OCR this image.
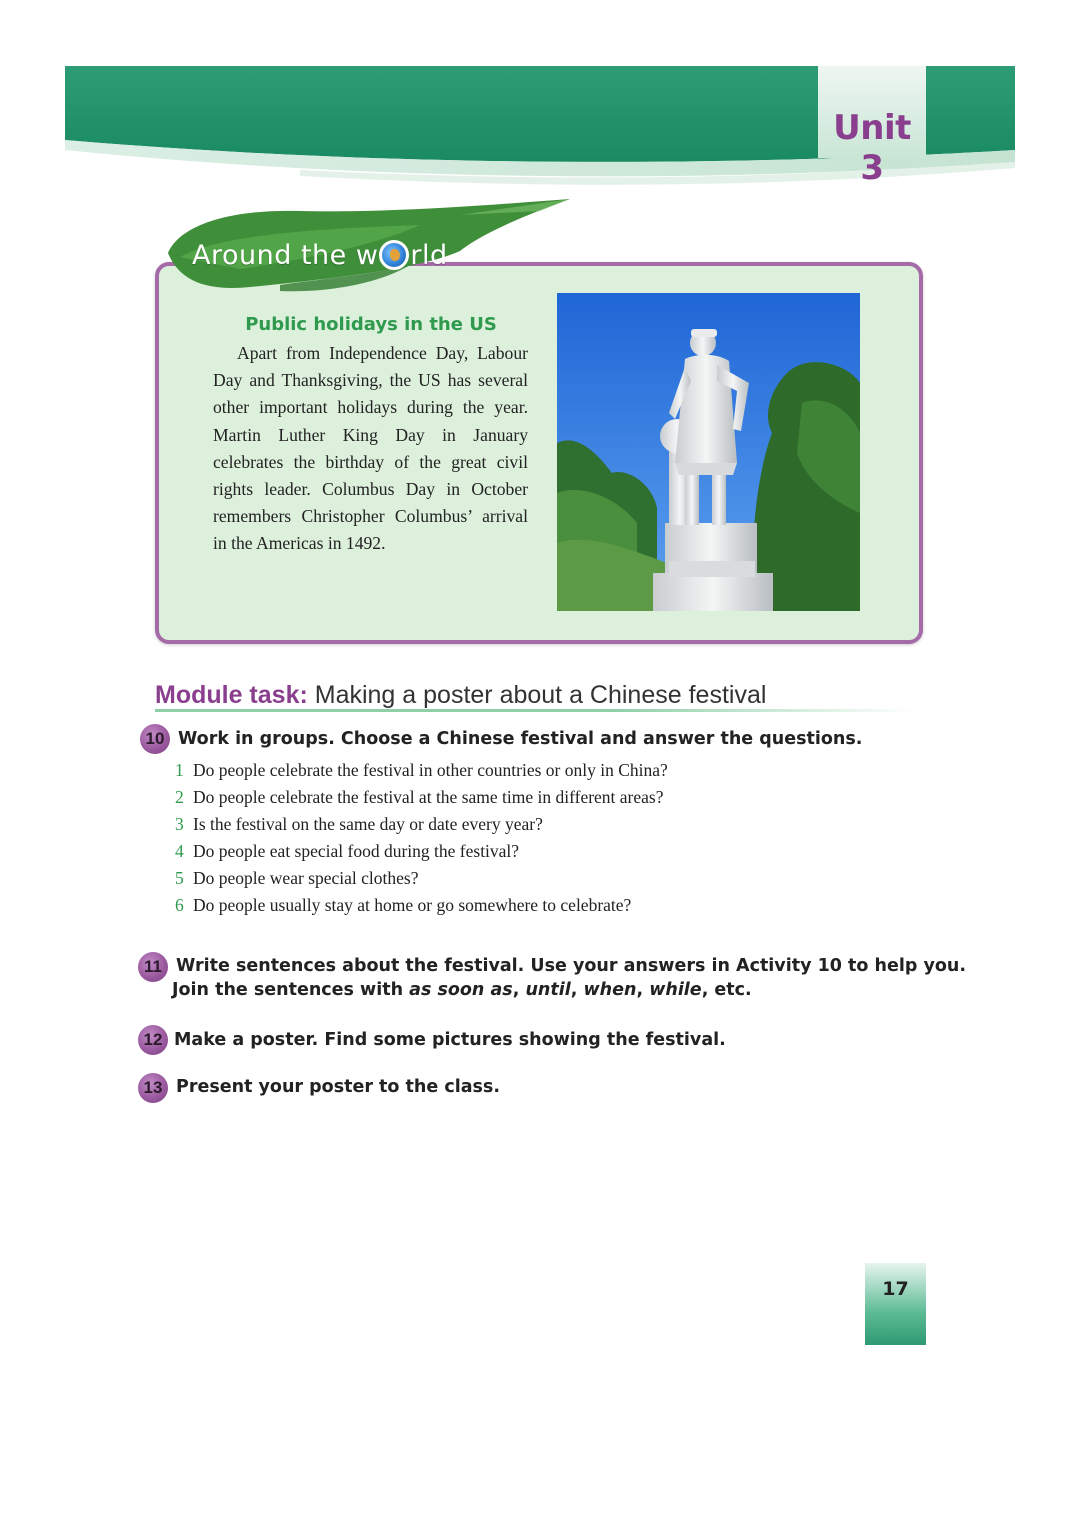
Unit 3
Around the w rld
Public holidays in the US
Apart from Independence Day, Labour Day and Thanksgiving, the US has several other important holidays during the year. Martin Luther King Day in January celebrates the birthday of the great civil rights leader. Columbus Day in October remembers Christopher Columbus’ arrival in the Americas in 1492.
Module task: Making a poster about a Chinese festival
10 Work in groups. Choose a Chinese festival and answer the questions.
1 Do people celebrate the festival in other countries or only in China?
2 Do people celebrate the festival at the same time in different areas?
3 Is the festival on the same day or date every year?
4 Do people eat special food during the festival?
5 Do people wear special clothes?
6 Do people usually stay at home or go somewhere to celebrate?
11 Write sentences about the festival. Use your answers in Activity 10 to help you.
Join the sentences with as soon as, until, when, while, etc.
12 Make a poster. Find some pictures showing the festival.
13 Present your poster to the class.
17
